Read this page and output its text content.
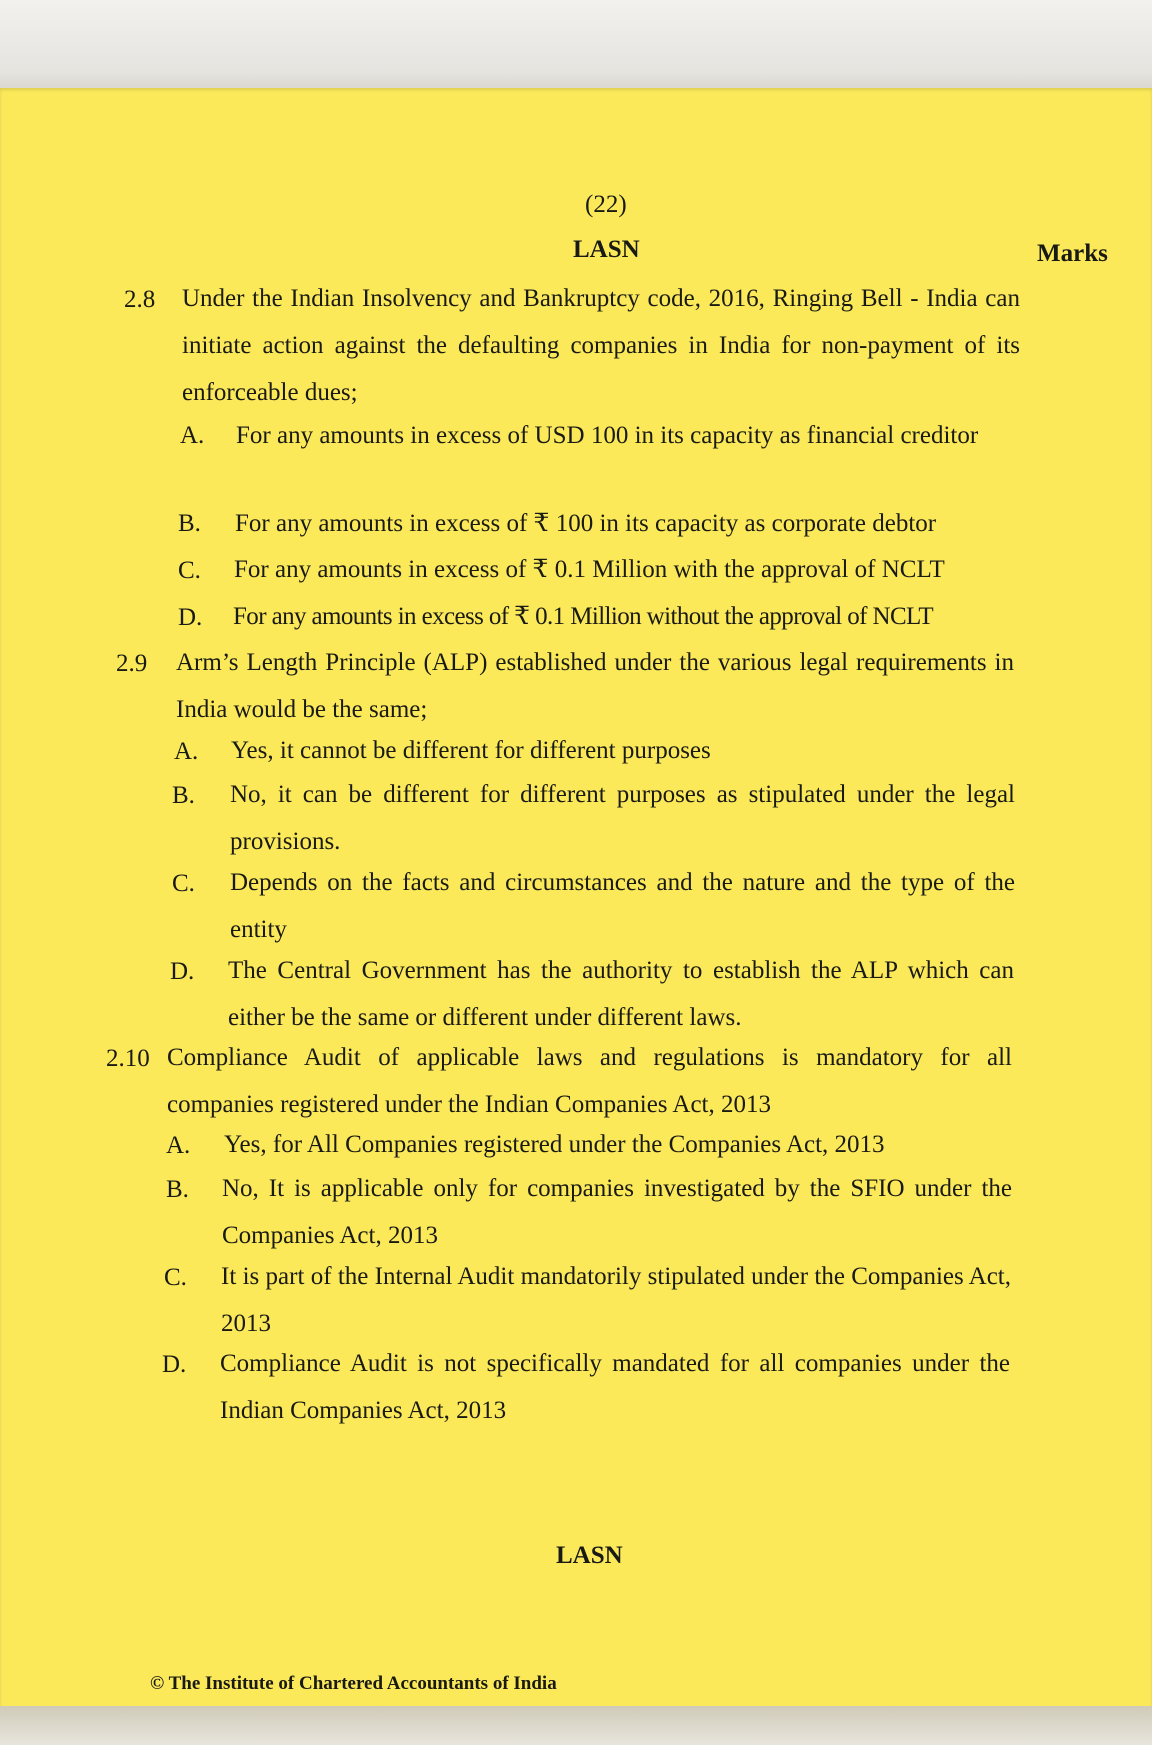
(22)
LASN	Marks
2.8 Under the Indian Insolvency and Bankruptcy code, 2016, Ringing Bell - India can initiate action against the defaulting companies in India for non-payment of its enforceable dues;
A. For any amounts in excess of USD 100 in its capacity as financial creditor
B. For any amounts in excess of ₹ 100 in its capacity as corporate debtor
C. For any amounts in excess of ₹ 0.1 Million with the approval of NCLT
D. For any amounts in excess of ₹ 0.1 Million without the approval of NCLT
2.9 Arm’s Length Principle (ALP) established under the various legal requirements in India would be the same;
A. Yes, it cannot be different for different purposes
B. No, it can be different for different purposes as stipulated under the legal provisions.
C. Depends on the facts and circumstances and the nature and the type of the entity
D. The Central Government has the authority to establish the ALP which can either be the same or different under different laws.
2.10 Compliance Audit of applicable laws and regulations is mandatory for all companies registered under the Indian Companies Act, 2013
A. Yes, for All Companies registered under the Companies Act, 2013
B. No, It is applicable only for companies investigated by the SFIO under the Companies Act, 2013
C. It is part of the Internal Audit mandatorily stipulated under the Companies Act, 2013
D. Compliance Audit is not specifically mandated for all companies under the Indian Companies Act, 2013
LASN
© The Institute of Chartered Accountants of India
